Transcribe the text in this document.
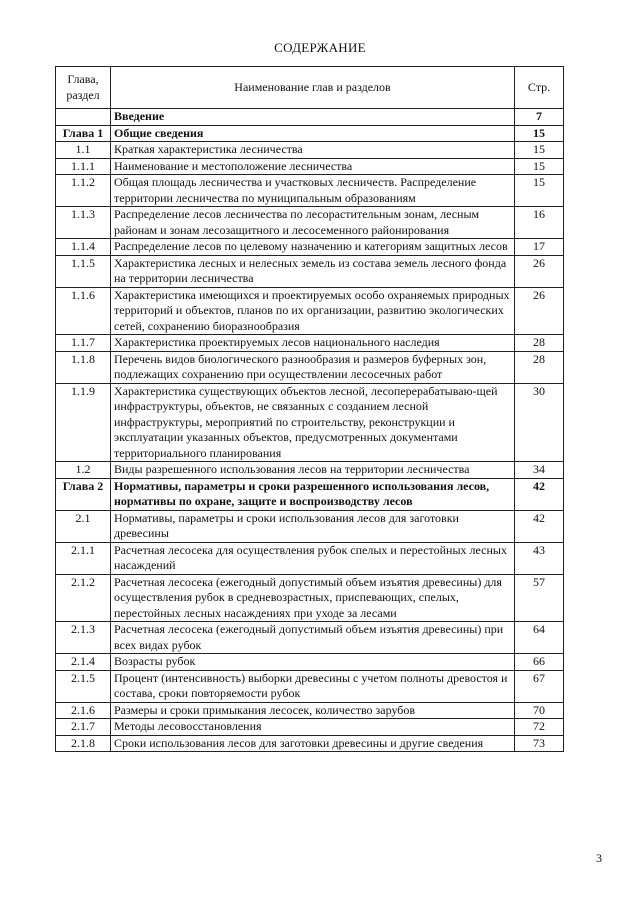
СОДЕРЖАНИЕ
Глава, раздел	Наименование глав и разделов	Стр.
	Введение	7
Глава 1	Общие сведения	15
1.1	Краткая характеристика лесничества	15
1.1.1	Наименование и местоположение лесничества	15
1.1.2	Общая площадь лесничества и участковых лесничеств. Распределение территории лесничества по муниципальным образованиям	15
1.1.3	Распределение лесов лесничества по лесорастительным зонам, лесным районам и зонам лесозащитного и лесосеменного районирования	16
1.1.4	Распределение лесов по целевому назначению и категориям защитных лесов	17
1.1.5	Характеристика лесных и нелесных земель из состава земель лесного фонда на территории лесничества	26
1.1.6	Характеристика имеющихся и проектируемых особо охраняемых природных территорий и объектов, планов по их организации, развитию экологических сетей, сохранению биоразнообразия	26
1.1.7	Характеристика проектируемых лесов национального наследия	28
1.1.8	Перечень видов биологического разнообразия и размеров буферных зон, подлежащих сохранению при осуществлении лесосечных работ	28
1.1.9	Характеристика существующих объектов лесной, лесоперерабатываю-щей инфраструктуры, объектов, не связанных с созданием лесной инфраструктуры, мероприятий по строительству, реконструкции и эксплуатации указанных объектов, предусмотренных документами территориального планирования	30
1.2	Виды разрешенного использования лесов на территории лесничества	34
Глава 2	Нормативы, параметры и сроки разрешенного использования лесов, нормативы по охране, защите и воспроизводству лесов	42
2.1	Нормативы, параметры и сроки использования лесов для заготовки древесины	42
2.1.1	Расчетная лесосека для осуществления рубок спелых и перестойных лесных насаждений	43
2.1.2	Расчетная лесосека (ежегодный допустимый объем изъятия древесины) для осуществления рубок в средневозрастных, приспевающих, спелых, перестойных лесных насаждениях при уходе за лесами	57
2.1.3	Расчетная лесосека (ежегодный допустимый объем изъятия древесины) при всех видах рубок	64
2.1.4	Возрасты рубок	66
2.1.5	Процент (интенсивность) выборки древесины с учетом полноты древостоя и состава, сроки повторяемости рубок	67
2.1.6	Размеры и сроки примыкания лесосек, количество зарубов	70
2.1.7	Методы лесовосстановления	72
2.1.8	Сроки использования лесов для заготовки древесины и другие сведения	73
3
